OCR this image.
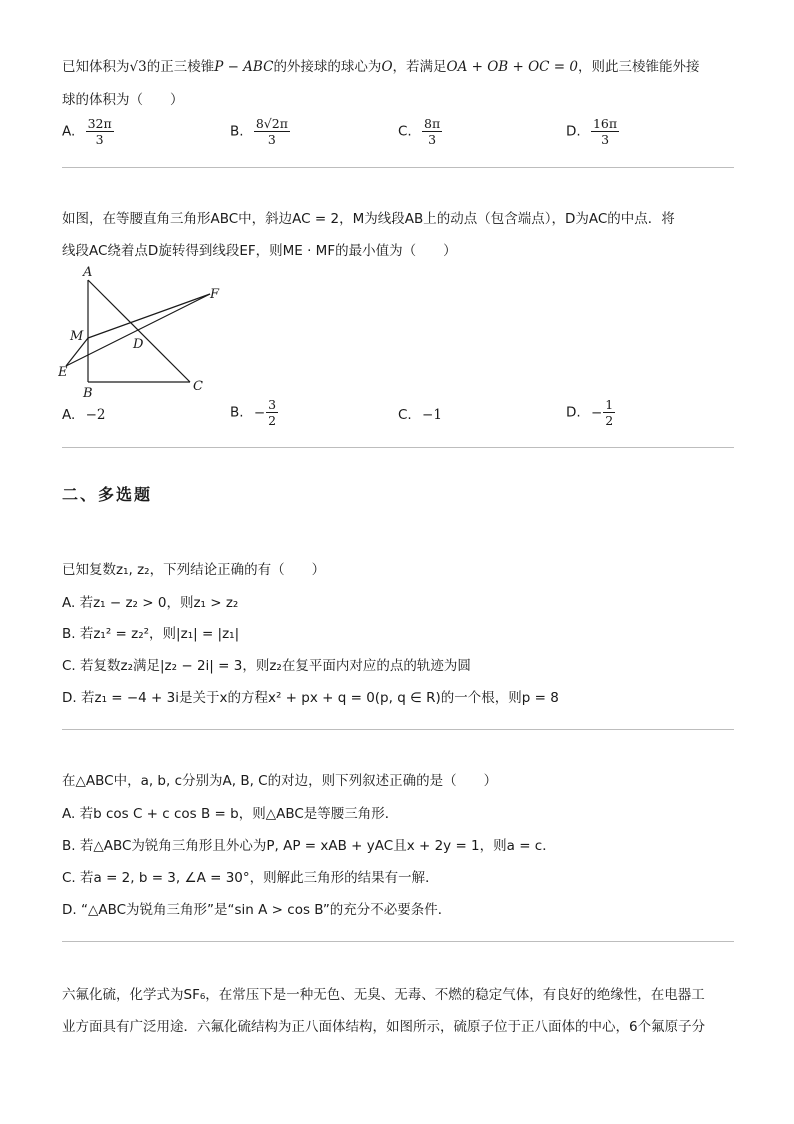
已知体积为√3的正三棱锥P − ABC的外接球的球心为O，若满足OA + OB + OC = 0，则此三棱锥能外接
球的体积为（　　）
A. $\frac{32\pi}{3}$	B. $\frac{8√2\pi}{3}$	C. $\frac{8\pi}{3}$	D. $\frac{16\pi}{3}$
如图，在等腰直角三角形ABC中，斜边AC = 2，M为线段AB上的动点（包含端点），D为AC的中点．将
线段AC绕着点D旋转得到线段EF，则ME · MF的最小值为（　　）
A
F
M
D
E
B	C
A. −2	B. − $\frac{3}{2}$	C. −1	D. − $\frac{1}{2}$
二、多选题
已知复数z₁, z₂，下列结论正确的有（　　）
A. 若z₁ − z₂ > 0，则z₁ > z₂
B. 若z₁² = z₂²，则|z₁| = |z₁|
C. 若复数z₂满足|z₂ − 2i| = 3，则z₂在复平面内对应的点的轨迹为圆
D. 若z₁ = −4 + 3i是关于x的方程x² + px + q = 0(p, q ∈ R)的一个根，则p = 8
在△ABC中，a, b, c分别为A, B, C的对边，则下列叙述正确的是（　　）
A. 若b cos C + c cos B = b，则△ABC是等腰三角形．
B. 若△ABC为锐角三角形且外心为P, AP = xAB + yAC且x + 2y = 1，则a = c．
C. 若a = 2, b = 3, ∠A = 30°，则解此三角形的结果有一解．
D. “△ABC为锐角三角形”是“sin A > cos B”的充分不必要条件．
六氟化硫，化学式为SF₆，在常压下是一种无色、无臭、无毒、不燃的稳定气体，有良好的绝缘性，在电器工
业方面具有广泛用途．六氟化硫结构为正八面体结构，如图所示，硫原子位于正八面体的中心，6个氟原子分
